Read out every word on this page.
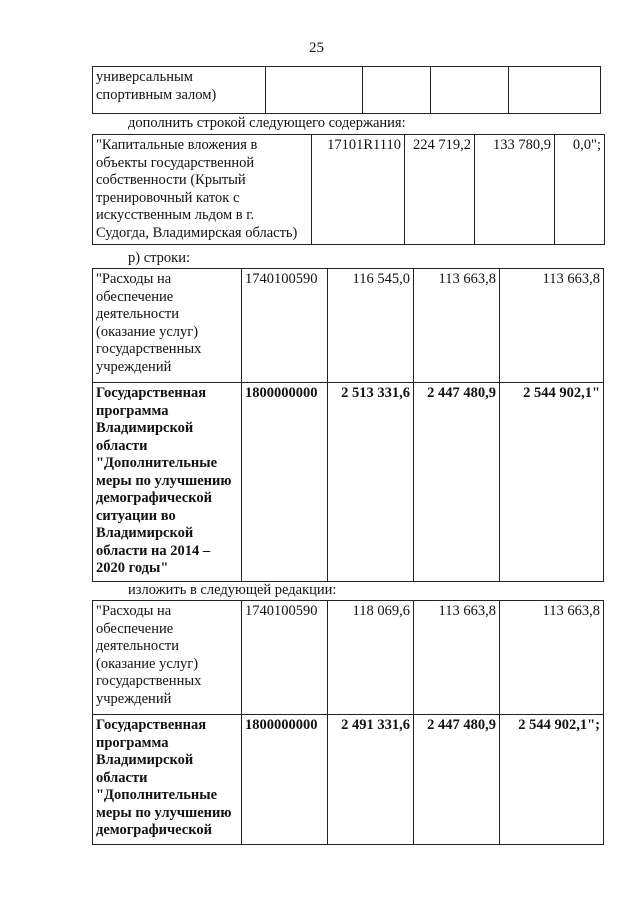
25
универсальным спортивным залом)				
дополнить строкой следующего содержания:
"Капитальные вложения в объекты государственной собственности (Крытый тренировочный каток с искусственным льдом в г. Судогда, Владимирская область)	17101R1110	224 719,2	133 780,9	0,0";
р) строки:
"Расходы на обеспечение деятельности (оказание услуг) государственных учреждений	1740100590	116 545,0	113 663,8	113 663,8
Государственная программа Владимирской области "Дополнительные меры по улучшению демографической ситуации во Владимирской области на 2014 – 2020 годы"	1800000000	2 513 331,6	2 447 480,9	2 544 902,1"
изложить в следующей редакции:
"Расходы на обеспечение деятельности (оказание услуг) государственных учреждений	1740100590	118 069,6	113 663,8	113 663,8
Государственная программа Владимирской области "Дополнительные меры по улучшению демографической	1800000000	2 491 331,6	2 447 480,9	2 544 902,1";
